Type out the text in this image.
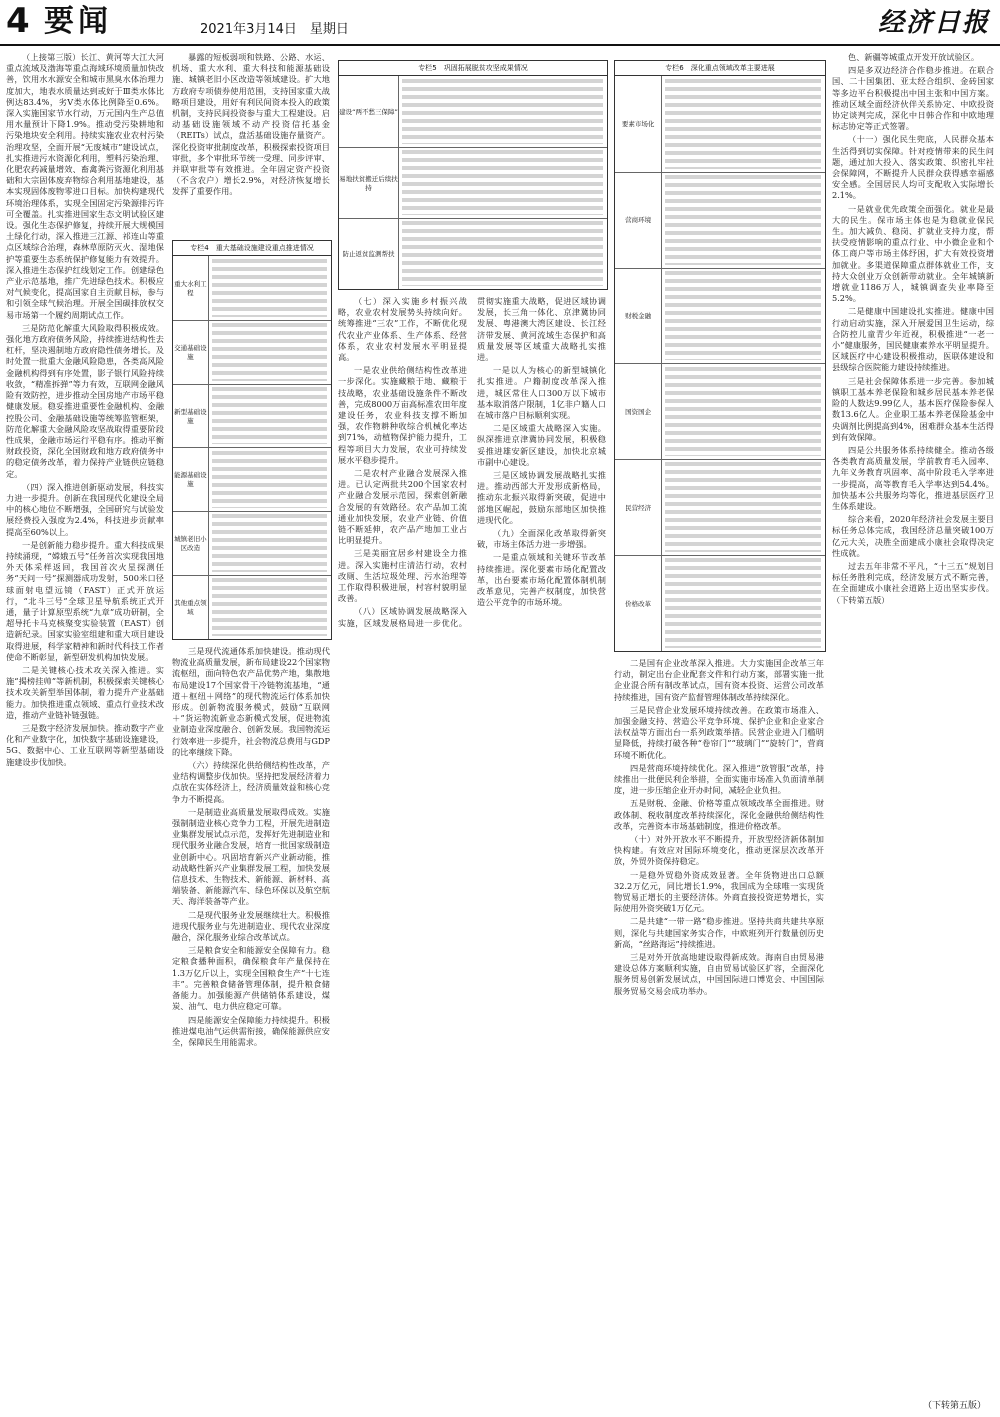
4 要闻	2021年3月14日　星期日	经济日报

（上接第三版）长江、黄河等大江大河重点流域及渤海等重点海域环境质量加快改善，饮用水水源安全和城市黑臭水体治理力度加大，地表水质量达到或好于Ⅲ类水体比例达83.4%，劣Ⅴ类水体比例降至0.6%。深入实施国家节水行动，万元国内生产总值用水量预计下降1.9%。推动受污染耕地和污染地块安全利用。持续实施农业农村污染治理攻坚，全面开展“无废城市”建设试点，扎实推进污水资源化利用，塑料污染治理、化肥农药减量增效、畜禽粪污资源化利用基础和大宗固体废弃物综合利用基地建设，基本实现固体废物零进口目标。加快构建现代环境治理体系，实现全国固定污染源排污许可全覆盖。扎实推进国家生态文明试验区建设。强化生态保护修复，持续开展大规模国土绿化行动，深入推进三江源、祁连山等重点区域综合治理，森林草原防灭火、湿地保护等重要生态系统保护修复能力有效提升。深入推进生态保护红线划定工作。创建绿色产业示范基地，推广先进绿色技术。积极应对气候变化，提高国家自主贡献目标，参与和引领全球气候治理。开展全国碳排放权交易市场第一个履约周期试点工作。

三是防范化解重大风险取得积极成效。强化地方政府债务风险，持续推进结构性去杠杆，坚决遏制地方政府隐性债务增长。及时处置一批重大金融风险隐患，各类高风险金融机构得到有序处置，影子银行风险持续收敛，“精准拆弹”等力有效，互联网金融风险有效防控，进步推动全国房地产市场平稳健康发展。稳妥推进重要性金融机构、金融控股公司、金融基础设施等统筹监管框架，防范化解重大金融风险攻坚战取得重要阶段性成果，金融市场运行平稳有序。推动平衡财政投资，深化全国财政和地方政府债务中的稳定债务改革，着力保持产业链供应链稳定。

（四）深入推进创新驱动发展，科技实力进一步提升。创新在我国现代化建设全局中的核心地位不断增强，全国研究与试验发展经费投入强度为2.4%，科技进步贡献率提高至60%以上。

一是创新能力稳步提升。重大科技成果持续涌现，“嫦娥五号”任务首次实现我国地外天体采样返回，我国首次火星探测任务“天问一号”探测器成功发射，500米口径球面射电望远镜（FAST）正式开放运行，“北斗三号”全球卫星导航系统正式开通，量子计算原型系统“九章”成功研制，全超导托卡马克核聚变实验装置（EAST）创造新纪录。国家实验室组建和重大项目建设取得进展，科学家精神和新时代科技工作者使命不断彰显，新型研发机构加快发展。

二是关键核心技术攻关深入推进。实施“揭榜挂帅”等新机制，积极探索关键核心技术攻关新型举国体制，着力提升产业基础能力。加快推进重点领域、重点行业技术改造，推动产业链补链强链。

三是数字经济发展加快。推动数字产业化和产业数字化，加快数字基础设施建设，5G、数据中心、工业互联网等新型基础设施建设步伐加快。

暴露的短板弱项和铁路、公路、水运、机场、重大水利、重大科技和能源基础设施、城镇老旧小区改造等领域建设。扩大地方政府专项债券使用范围，支持国家重大战略项目建设，用好有利民间资本投入的政策机制，支持民间投资参与重大工程建设。启动基础设施领域不动产投资信托基金（REITs）试点，盘活基础设施存量资产。深化投资审批制度改革，积极探索投资项目审批，多个审批环节统一受理、同步评审、并联审批等有效推进。全年固定资产投资（不含农户）增长2.9%，对经济恢复增长发挥了重要作用。

专栏4　重大基础设施建设重点推进情况
重大水利工程
交通基础设施
新型基础设施
能源基础设施
城镇老旧小区改造
其他重点领域

三是现代流通体系加快建设。推动现代物流业高质量发展，新布局建设22个国家物流枢纽，面向特色农产品优势产地，集散地布局建设17个国家骨干冷链物流基地，“通道＋枢纽＋网络”的现代物流运行体系加快形成。创新物流服务模式，鼓励“互联网＋”货运物流新业态新模式发展，促进物流业制造业深度融合、创新发展。我国物流运行效率进一步提升，社会物流总费用与GDP的比率继续下降。

（六）持续深化供给侧结构性改革，产业结构调整步伐加快。坚持把发展经济着力点放在实体经济上，经济质量效益和核心竞争力不断提高。

一是制造业高质量发展取得成效。实施强制制造业核心竞争力工程，开展先进制造业集群发展试点示范，发挥好先进制造业和现代服务业融合发展，培育一批国家级制造业创新中心。巩固培育新兴产业新动能，推动战略性新兴产业集群发展工程，加快发展信息技术、生物技术、新能源、新材料、高端装备、新能源汽车、绿色环保以及航空航天、海洋装备等产业。

二是现代服务业发展继续壮大。积极推进现代服务业与先进制造业、现代农业深度融合，深化服务业综合改革试点。

三是粮食安全和能源安全保障有力。稳定粮食播种面积，确保粮食年产量保持在1.3万亿斤以上，实现全国粮食生产“十七连丰”。完善粮食储备管理体制，提升粮食储备能力。加强能源产供储销体系建设，煤炭、油气、电力供应稳定可靠。

四是能源安全保障能力持续提升。积极推进煤电油气运供需衔接，确保能源供应安全，保障民生用能需求。

专栏5　巩固拓展脱贫攻坚成果情况
建设“两不愁三保障”
易地扶贫搬迁后续扶持
防止返贫监测帮扶
专栏6　深化重点领域改革主要进展
要素市场化
营商环境
财税金融
国资国企
民营经济
价格改革

（七）深入实施乡村振兴战略，农业农村发展势头持续向好。统筹推进“三农”工作，不断优化现代农业产业体系、生产体系、经营体系，农业农村发展水平明显提高。

一是农业供给侧结构性改革进一步深化。实施藏粮于地、藏粮于技战略，农业基础设施条件不断改善，完成8000万亩高标准农田年度建设任务，农业科技支撑不断加强，农作物耕种收综合机械化率达到71%，动植物保护能力提升，工程等项目大力发展，农业可持续发展水平稳步提升。

二是农村产业融合发展深入推进。已认定两批共200个国家农村产业融合发展示范园，探索创新融合发展的有效路径。农产品加工流通业加快发展，农业产业链、价值链不断延伸，农产品产地加工业占比明显提升。

三是美丽宜居乡村建设全力推进。深入实施村庄清洁行动，农村改厕、生活垃圾处理、污水治理等工作取得积极进展，村容村貌明显改善。

（八）区域协调发展战略深入实施，区域发展格局进一步优化。贯彻实施重大战略，促进区域协调发展，长三角一体化、京津冀协同发展、粤港澳大湾区建设、长江经济带发展、黄河流域生态保护和高质量发展等区域重大战略扎实推进。

一是以人为核心的新型城镇化扎实推进。户籍制度改革深入推进，城区常住人口300万以下城市基本取消落户限制，1亿非户籍人口在城市落户目标顺利实现。

二是区域重大战略深入实施。纵深推进京津冀协同发展，积极稳妥推进雄安新区建设，加快北京城市副中心建设。

三是区域协调发展战略扎实推进。推动西部大开发形成新格局，推动东北振兴取得新突破，促进中部地区崛起，鼓励东部地区加快推进现代化。

（九）全面深化改革取得新突破，市场主体活力进一步增强。

一是重点领域和关键环节改革持续推进。深化要素市场化配置改革，出台要素市场化配置体制机制改革意见，完善产权制度，加快营造公平竞争的市场环境。

二是国有企业改革深入推进。大力实施国企改革三年行动，制定出台企业配套文件和行动方案，部署实施一批企业混合所有制改革试点，国有资本投资、运营公司改革持续推进，国有资产监督管理体制改革持续深化。

三是民营企业发展环境持续改善。在政策市场准入、加强金融支持、营造公平竞争环境、保护企业和企业家合法权益等方面出台一系列政策举措。民营企业进入门槛明显降低，持续打破各种“卷帘门”“玻璃门”“旋转门”，营商环境不断优化。

四是营商环境持续优化。深入推进“放管服”改革，持续推出一批便民利企举措，全面实施市场准入负面清单制度，进一步压缩企业开办时间，减轻企业负担。

五是财税、金融、价格等重点领域改革全面推进。财政体制、税收制度改革持续深化，深化金融供给侧结构性改革，完善资本市场基础制度，推进价格改革。

（十）对外开放水平不断提升，开放型经济新体制加快构建。有效应对国际环境变化，推动更深层次改革开放，外贸外资保持稳定。

一是稳外贸稳外资成效显著。全年货物进出口总额32.2万亿元，同比增长1.9%，我国成为全球唯一实现货物贸易正增长的主要经济体。外商直接投资逆势增长，实际使用外资突破1万亿元。

二是共建“一带一路”稳步推进。坚持共商共建共享原则，深化与共建国家务实合作，中欧班列开行数量创历史新高，“丝路海运”持续推进。

三是对外开放高地建设取得新成效。海南自由贸易港建设总体方案顺利实施，自由贸易试验区扩容，全面深化服务贸易创新发展试点，中国国际进口博览会、中国国际服务贸易交易会成功举办。

色、新疆等城重点开发开放试验区。

四是多双边经济合作稳步推进。在联合国、二十国集团、亚太经合组织、金砖国家等多边平台积极提出中国主张和中国方案。推动区域全面经济伙伴关系协定、中欧投资协定谈判完成，深化中日韩合作和中欧地理标志协定等正式签署。

（十一）强化民生兜底，人民群众基本生活得到切实保障。针对疫情带来的民生问题，通过加大投入、落实政策、织密扎牢社会保障网，不断提升人民群众获得感幸福感安全感。全国居民人均可支配收入实际增长2.1%。

一是就业优先政策全面强化。就业是最大的民生。保市场主体也是为稳就业保民生。加大减负、稳岗、扩就业支持力度，帮扶受疫情影响的重点行业、中小微企业和个体工商户等市场主体纾困，扩大有效投资增加就业。多渠道保障重点群体就业工作，支持大众创业万众创新带动就业。全年城镇新增就业1186万人，城镇调查失业率降至5.2%。

二是健康中国建设扎实推进。健康中国行动启动实施，深入开展爱国卫生运动，综合防控儿童青少年近视，积极推进“一老一小”健康服务，国民健康素养水平明显提升。区域医疗中心建设积极推动，医联体建设和县级综合医院能力建设持续推进。

三是社会保障体系进一步完善。参加城镇职工基本养老保险和城乡居民基本养老保险的人数达9.99亿人，基本医疗保险参保人数13.6亿人。企业职工基本养老保险基金中央调剂比例提高到4%，困难群众基本生活得到有效保障。

四是公共服务体系持续健全。推动各级各类教育高质量发展，学前教育毛入园率、九年义务教育巩固率、高中阶段毛入学率进一步提高，高等教育毛入学率达到54.4%。加快基本公共服务均等化，推进基层医疗卫生体系建设。

综合来看，2020年经济社会发展主要目标任务总体完成，我国经济总量突破100万亿元大关，决胜全面建成小康社会取得决定性成就。

过去五年非常不平凡，“十三五”规划目标任务胜利完成，经济发展方式不断完善，在全面建成小康社会道路上迈出坚实步伐。（下转第五版）

（下转第五版）
